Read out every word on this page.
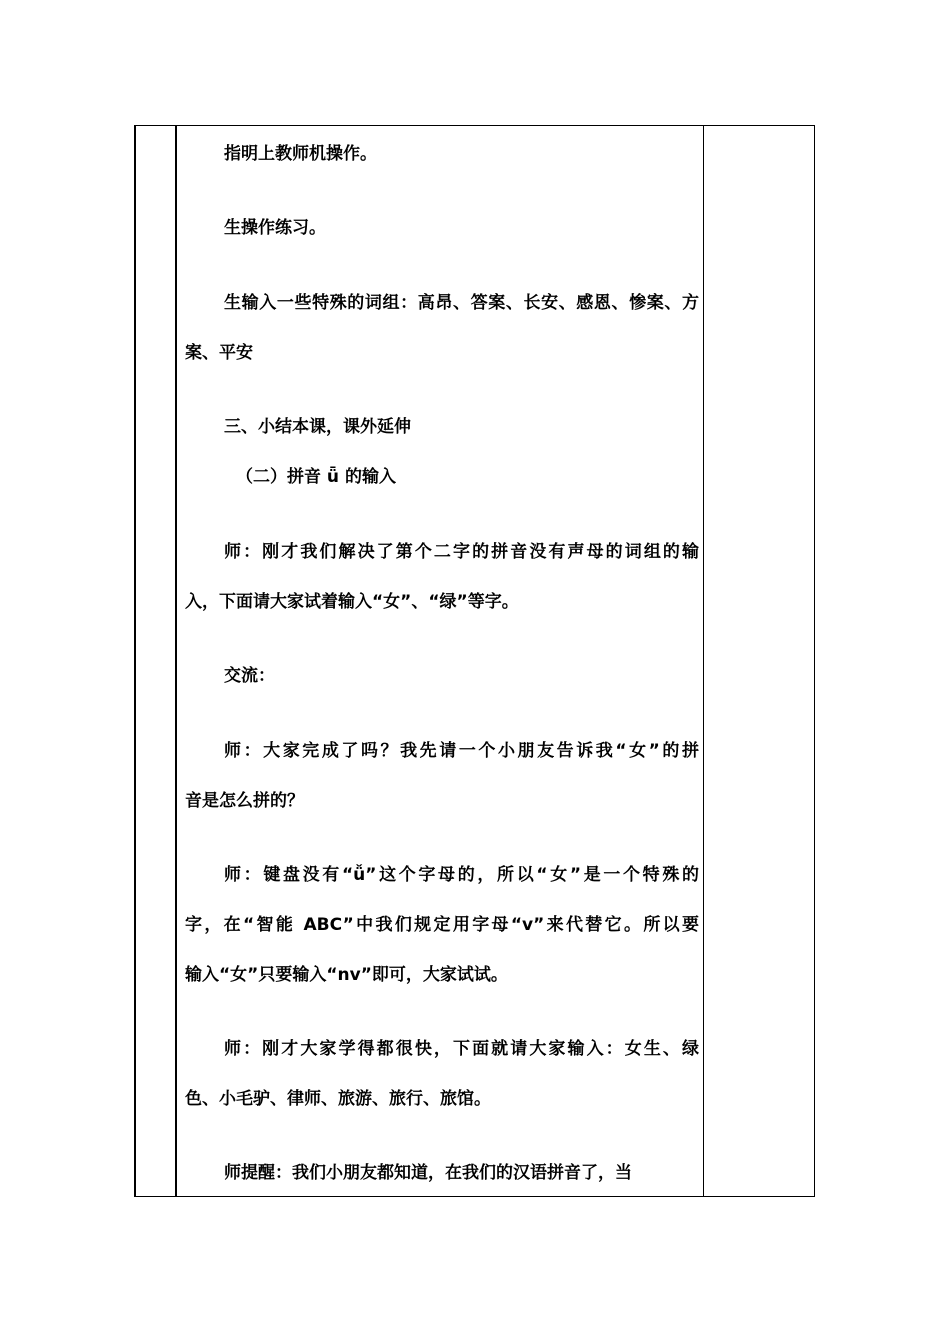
指明上教师机操作。
生操作练习。
生输入一些特殊的词组：高昂、答案、长安、感恩、惨案、方
案、平安
三、小结本课，课外延伸
（二）拼音 ǖ 的输入
师：刚才我们解决了第个二字的拼音没有声母的词组的输
入，下面请大家试着输入“女”、“绿”等字。
交流：
师：大家完成了吗？我先请一个小朋友告诉我“女”的拼
音是怎么拼的？
师：键盘没有“ǚ”这个字母的，所以“女”是一个特殊的
字，在“智能 ABC”中我们规定用字母“v”来代替它。所以要
输入“女”只要输入“nv”即可，大家试试。
师：刚才大家学得都很快，下面就请大家输入：女生、绿
色、小毛驴、律师、旅游、旅行、旅馆。
师提醒：我们小朋友都知道，在我们的汉语拼音了，当
